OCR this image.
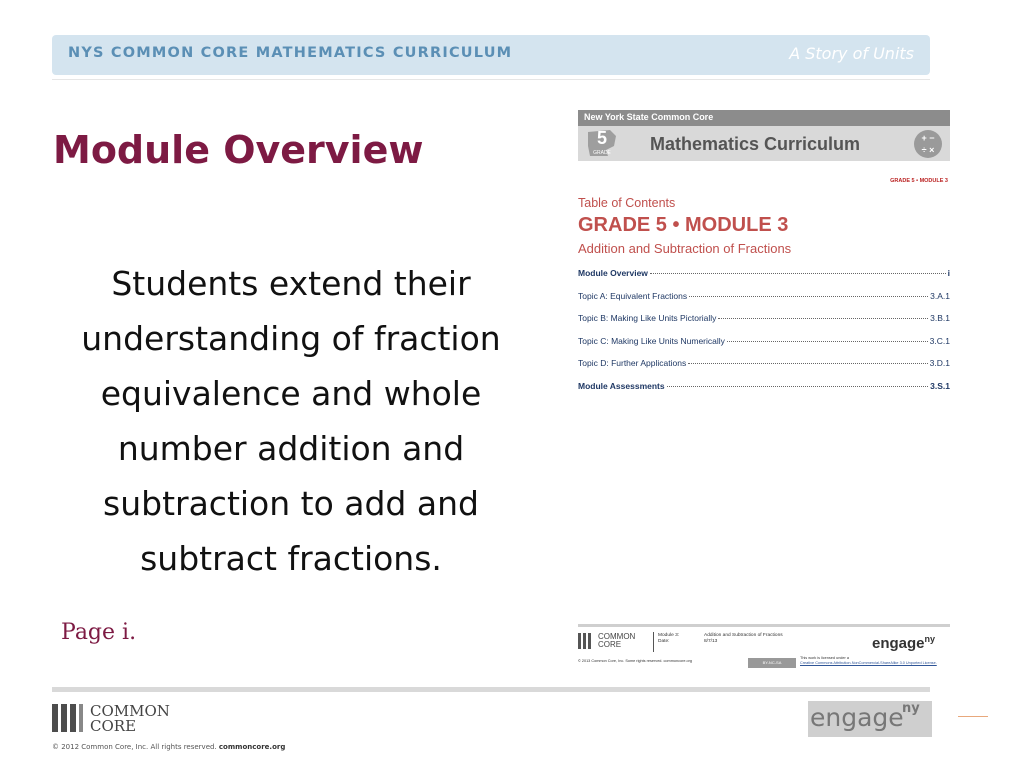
NYS COMMON CORE MATHEMATICS CURRICULUM	A Story of Units
Module Overview

Students extend their understanding of fraction equivalence and whole number addition and subtraction to add and subtract fractions.

Page i.
New York State Common Core
5
GRADE	Mathematics Curriculum	+ −
÷ ×
GRADE 5 • MODULE 3
Table of Contents
GRADE 5 • MODULE 3
Addition and Subtraction of Fractions
Module Overview	i
Topic A: Equivalent Fractions	3.A.1
Topic B: Making Like Units Pictorially	3.B.1
Topic C: Making Like Units Numerically	3.C.1
Topic D: Further Applications	3.D.1
Module Assessments	3.S.1
COMMON
CORE
Module 3:
Date:
Addition and Subtraction of Fractions
8/7/13	engage$^{ny}$
© 2013 Common Core, Inc. Some rights reserved. commoncore.org	BY-NC-SA
This work is licensed under a
Creative Commons Attribution-NonCommercial-ShareAlike 3.0 Unported License.
COMMON
CORE
© 2012 Common Core, Inc. All rights reserved. commoncore.org
engage
ny
